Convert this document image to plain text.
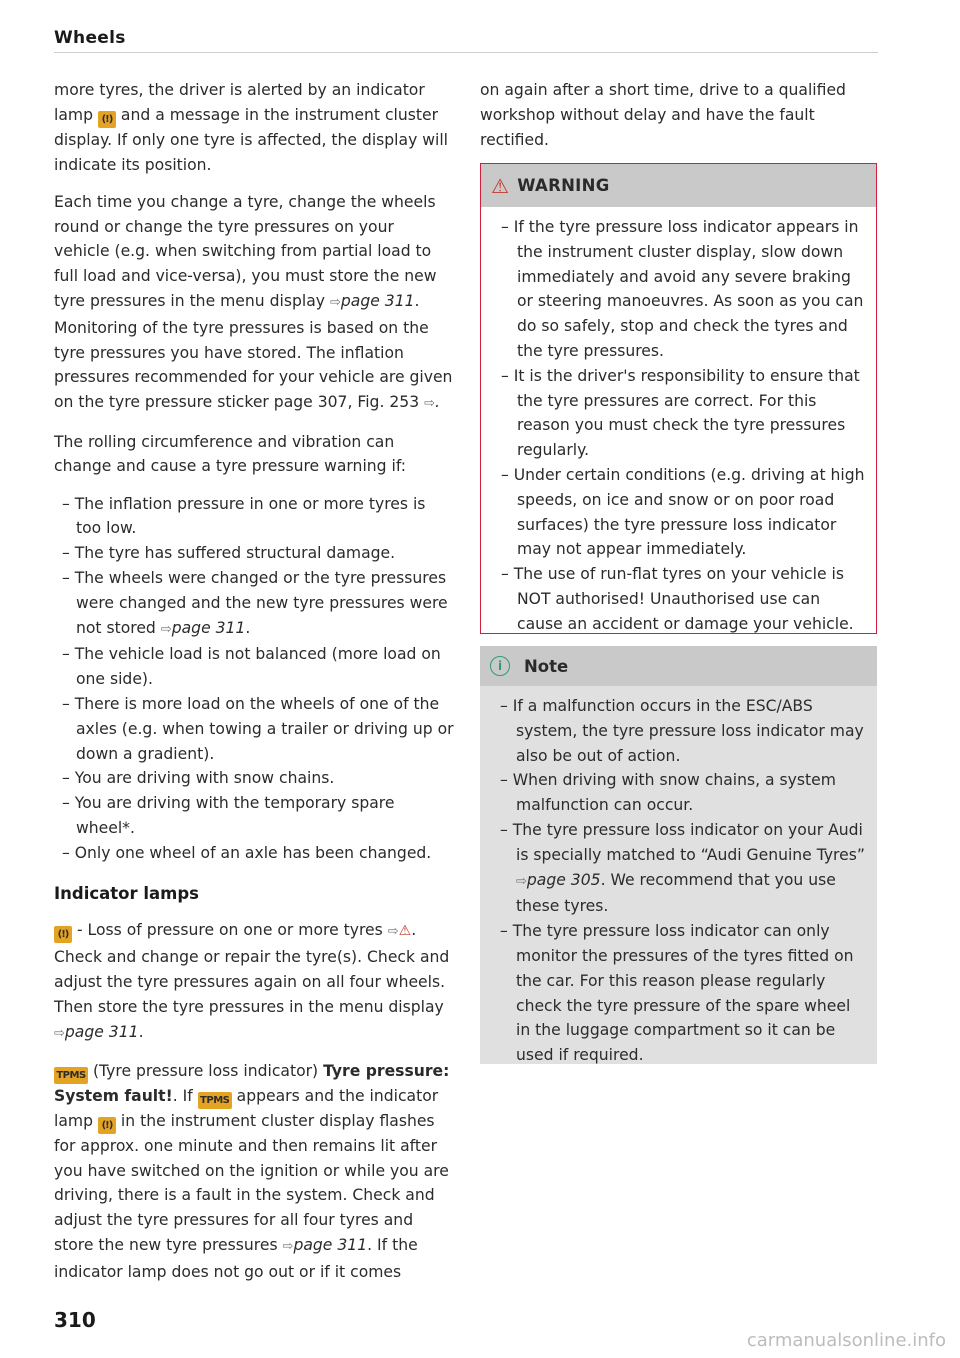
Wheels

more tyres, the driver is alerted by an indicator lamp (!) and a message in the instrument cluster display. If only one tyre is affected, the display will indicate its position.

Each time you change a tyre, change the wheels round or change the tyre pressures on your vehicle (e.g. when switching from partial load to full load and vice-versa), you must store the new tyre pressures in the menu display ⇨page 311. Monitoring of the tyre pressures is based on the tyre pressures you have stored. The inflation pressures recommended for your vehicle are given on the tyre pressure sticker page 307, Fig. 253 ⇨.

The rolling circumference and vibration can change and cause a tyre pressure warning if:

– The inflation pressure in one or more tyres is too low.
– The tyre has suffered structural damage.
– The wheels were changed or the tyre pressures were changed and the new tyre pressures were not stored ⇨page 311.
– The vehicle load is not balanced (more load on one side).
– There is more load on the wheels of one of the axles (e.g. when towing a trailer or driving up or down a gradient).
– You are driving with snow chains.
– You are driving with the temporary spare wheel*.
– Only one wheel of an axle has been changed.
Indicator lamps

(!) - Loss of pressure on one or more tyres ⇨⚠. Check and change or repair the tyre(s). Check and adjust the tyre pressures again on all four wheels. Then store the tyre pressures in the menu display ⇨page 311.

TPMS (Tyre pressure loss indicator) Tyre pressure: System fault!. If TPMS appears and the indicator lamp (!) in the instrument cluster display flashes for approx. one minute and then remains lit after you have switched on the ignition or while you are driving, there is a fault in the system. Check and adjust the tyre pressures for all four tyres and store the new tyre pressures ⇨page 311. If the indicator lamp does not go out or if it comes

on again after a short time, drive to a qualified workshop without delay and have the fault rectified.

⚠ WARNING
– If the tyre pressure loss indicator appears in the instrument cluster display, slow down immediately and avoid any severe braking or steering manoeuvres. As soon as you can do so safely, stop and check the tyres and the tyre pressures.
– It is the driver's responsibility to ensure that the tyre pressures are correct. For this reason you must check the tyre pressures regularly.
– Under certain conditions (e.g. driving at high speeds, on ice and snow or on poor road surfaces) the tyre pressure loss indicator may not appear immediately.
– The use of run-flat tyres on your vehicle is NOT authorised! Unauthorised use can cause an accident or damage your vehicle.
i	Note
– If a malfunction occurs in the ESC/ABS system, the tyre pressure loss indicator may also be out of action.
– When driving with snow chains, a system malfunction can occur.
– The tyre pressure loss indicator on your Audi is specially matched to “Audi Genuine Tyres” ⇨page 305. We recommend that you use these tyres.
– The tyre pressure loss indicator can only monitor the pressures of the tyres fitted on the car. For this reason please regularly check the tyre pressure of the spare wheel in the luggage compartment so it can be used if required.
310
carmanualsonline.info
